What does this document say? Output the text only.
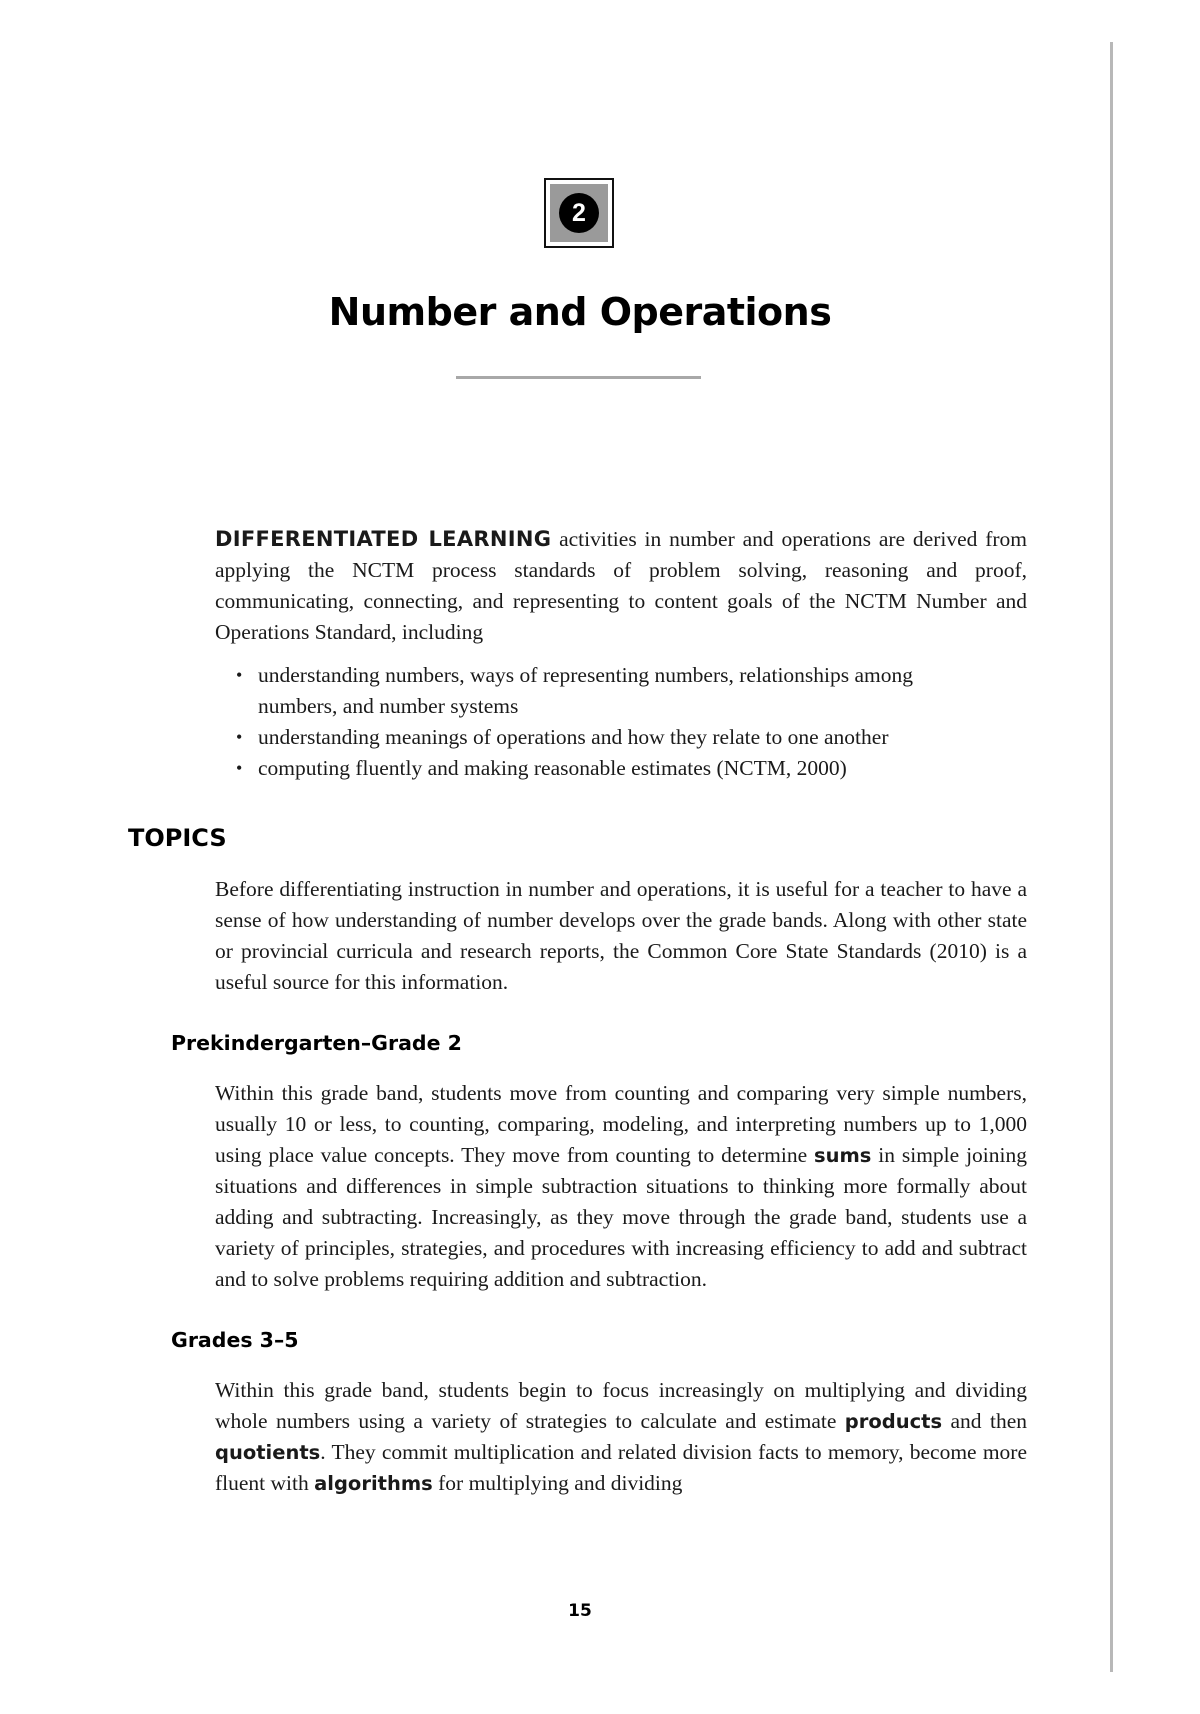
2
Number and Operations

DIFFERENTIATED LEARNING activities in number and operations are derived from applying the NCTM process standards of problem solving, reasoning and proof, communicating, connecting, and representing to content goals of the NCTM Number and Operations Standard, including

• understanding numbers, ways of representing numbers, relationships among numbers, and number systems
• understanding meanings of operations and how they relate to one another
• computing fluently and making reasonable estimates (NCTM, 2000)
TOPICS

Before differentiating instruction in number and operations, it is useful for a teacher to have a sense of how understanding of number develops over the grade bands. Along with other state or provincial curricula and research reports, the Common Core State Standards (2010) is a useful source for this information.

Prekindergarten–Grade 2

Within this grade band, students move from counting and comparing very simple numbers, usually 10 or less, to counting, comparing, modeling, and interpreting numbers up to 1,000 using place value concepts. They move from counting to determine sums in simple joining situations and differences in simple subtraction situations to thinking more formally about adding and subtracting. Increasingly, as they move through the grade band, students use a variety of principles, strategies, and procedures with increasing efficiency to add and subtract and to solve problems requiring addition and subtraction.

Grades 3–5

Within this grade band, students begin to focus increasingly on multiplying and dividing whole numbers using a variety of strategies to calculate and estimate products and then quotients. They commit multiplication and related division facts to memory, become more fluent with algorithms for multiplying and dividing

15
